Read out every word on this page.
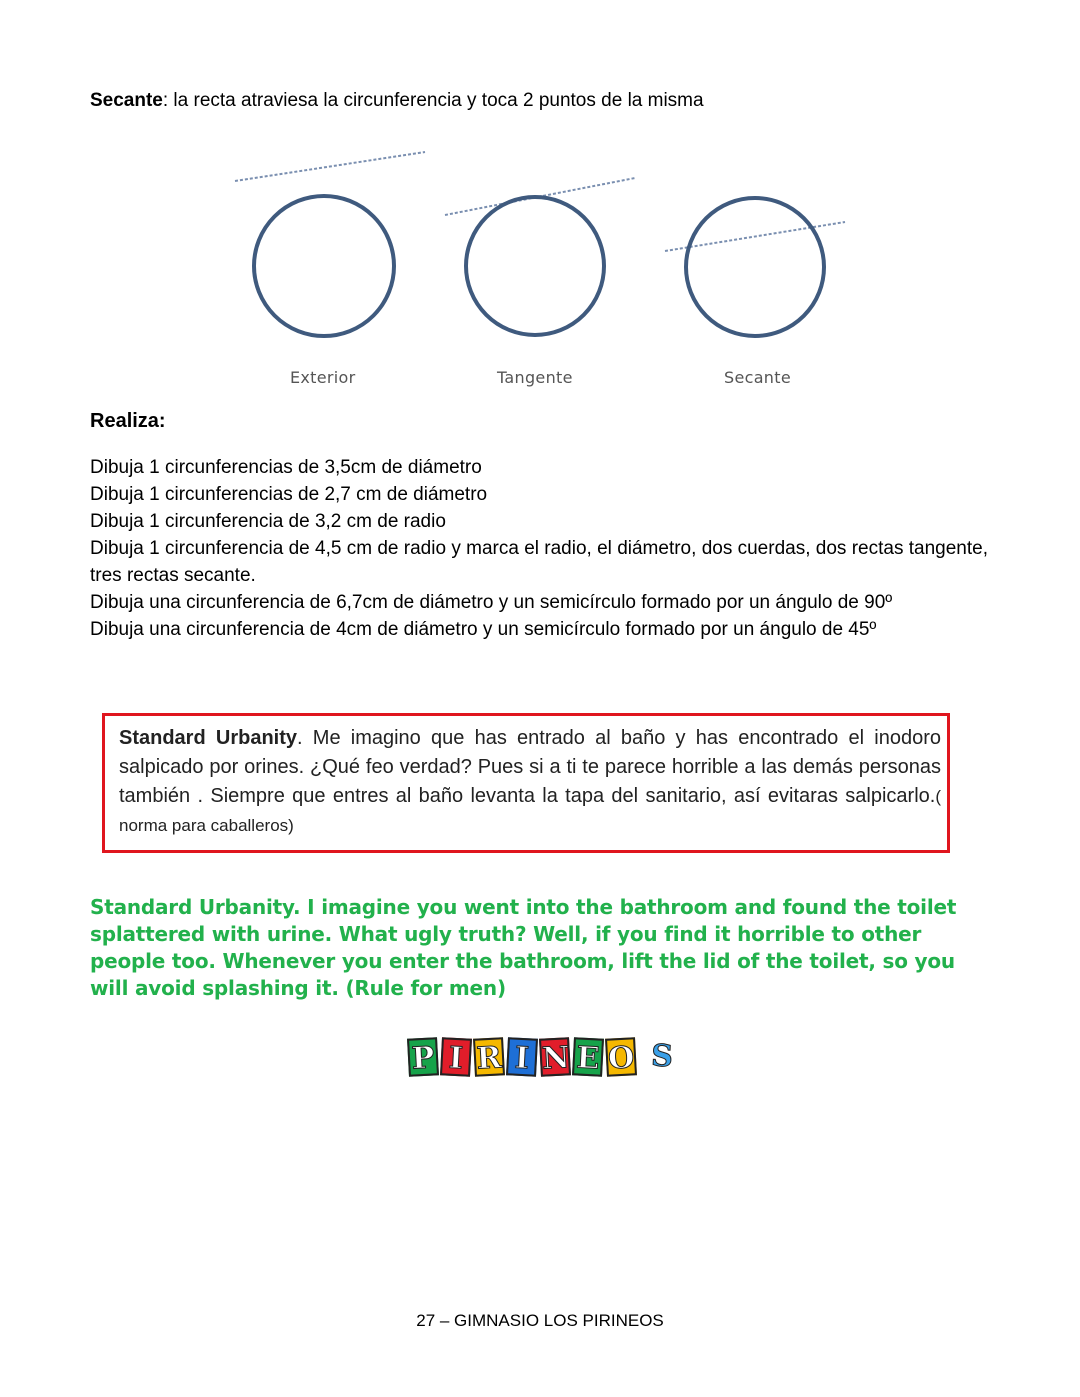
Secante: la recta atraviesa la circunferencia y toca 2 puntos de la misma
Exterior	Tangente	Secante
Realiza:
Dibuja 1 circunferencias de 3,5cm de diámetro
Dibuja 1 circunferencias de 2,7 cm de diámetro
Dibuja 1 circunferencia de 3,2 cm de radio
Dibuja 1 circunferencia de 4,5 cm de radio y marca el radio, el diámetro, dos cuerdas, dos rectas tangente, tres rectas secante.
Dibuja una circunferencia de 6,7cm de diámetro y un semicírculo formado por un ángulo de 90º
Dibuja una circunferencia de 4cm de diámetro y un semicírculo formado por un ángulo de 45º
Standard Urbanity. Me imagino que has entrado al baño y has encontrado el inodoro salpicado por orines. ¿Qué feo verdad? Pues si a ti te parece horrible a las demás personas también . Siempre que entres al baño levanta la tapa del sanitario, así evitaras salpicarlo.( norma para caballeros)
Standard Urbanity. I imagine you went into the bathroom and found the toilet splattered with urine. What ugly truth? Well, if you find it horrible to other people too. Whenever you enter the bathroom, lift the lid of the toilet, so you will avoid splashing it. (Rule for men)
P I R I N E O S
27 – GIMNASIO LOS PIRINEOS
